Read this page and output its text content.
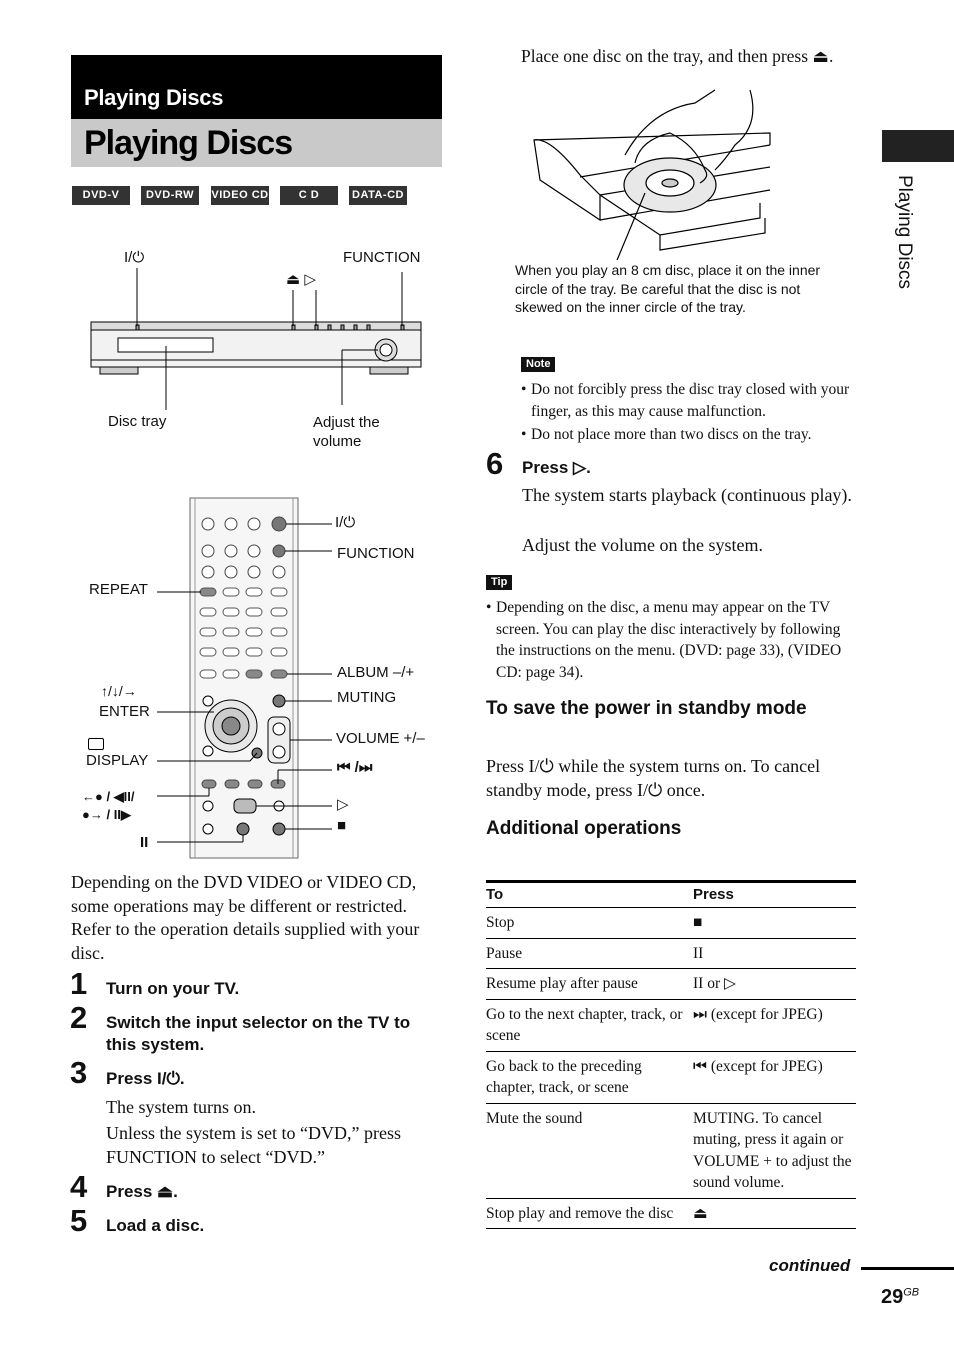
Playing Discs
Playing Discs
DVD-V	DVD-RW	VIDEO CD	C D	DATA-CD	Playing Discs
I/⏻
⏏ ▷
FUNCTION
Disc tray	Adjust the volume
I/⏻
FUNCTION
REPEAT
ALBUM –/+
MUTING
↑/↓/→
ENTER
VOLUME +/–
DISPLAY	⏮ /⏭
←● / ◀II/
●→ / II▶
▷
■
II
Depending on the DVD VIDEO or VIDEO CD, some operations may be different or restricted. Refer to the operation details supplied with your disc.
1 Turn on your TV.
2 Switch the input selector on the TV to this system.
3 Press I/⏻.
The system turns on.
Unless the system is set to “DVD,” press FUNCTION to select “DVD.”
4 Press ⏏.
5 Load a disc.
Place one disc on the tray, and then press ⏏.
When you play an 8 cm disc, place it on the inner circle of the tray. Be careful that the disc is not skewed on the inner circle of the tray.
Note
• Do not forcibly press the disc tray closed with your finger, as this may cause malfunction.
• Do not place more than two discs on the tray.
6 Press ▷.
The system starts playback (continuous play).
Adjust the volume on the system.
Tip
• Depending on the disc, a menu may appear on the TV screen. You can play the disc interactively by following the instructions on the menu. (DVD: page 33), (VIDEO CD: page 34).
To save the power in standby mode
Press I/⏻ while the system turns on. To cancel standby mode, press I/⏻ once.
Additional operations
To	Press
Stop	■
Pause	II
Resume play after pause	II or ▷
Go to the next chapter, track, or scene	⏭ (except for JPEG)
Go back to the preceding chapter, track, or scene	⏮ (except for JPEG)
Mute the sound	MUTING. To cancel muting, press it again or VOLUME + to adjust the sound volume.
Stop play and remove the disc	⏏
continued
$29^{GB}$
